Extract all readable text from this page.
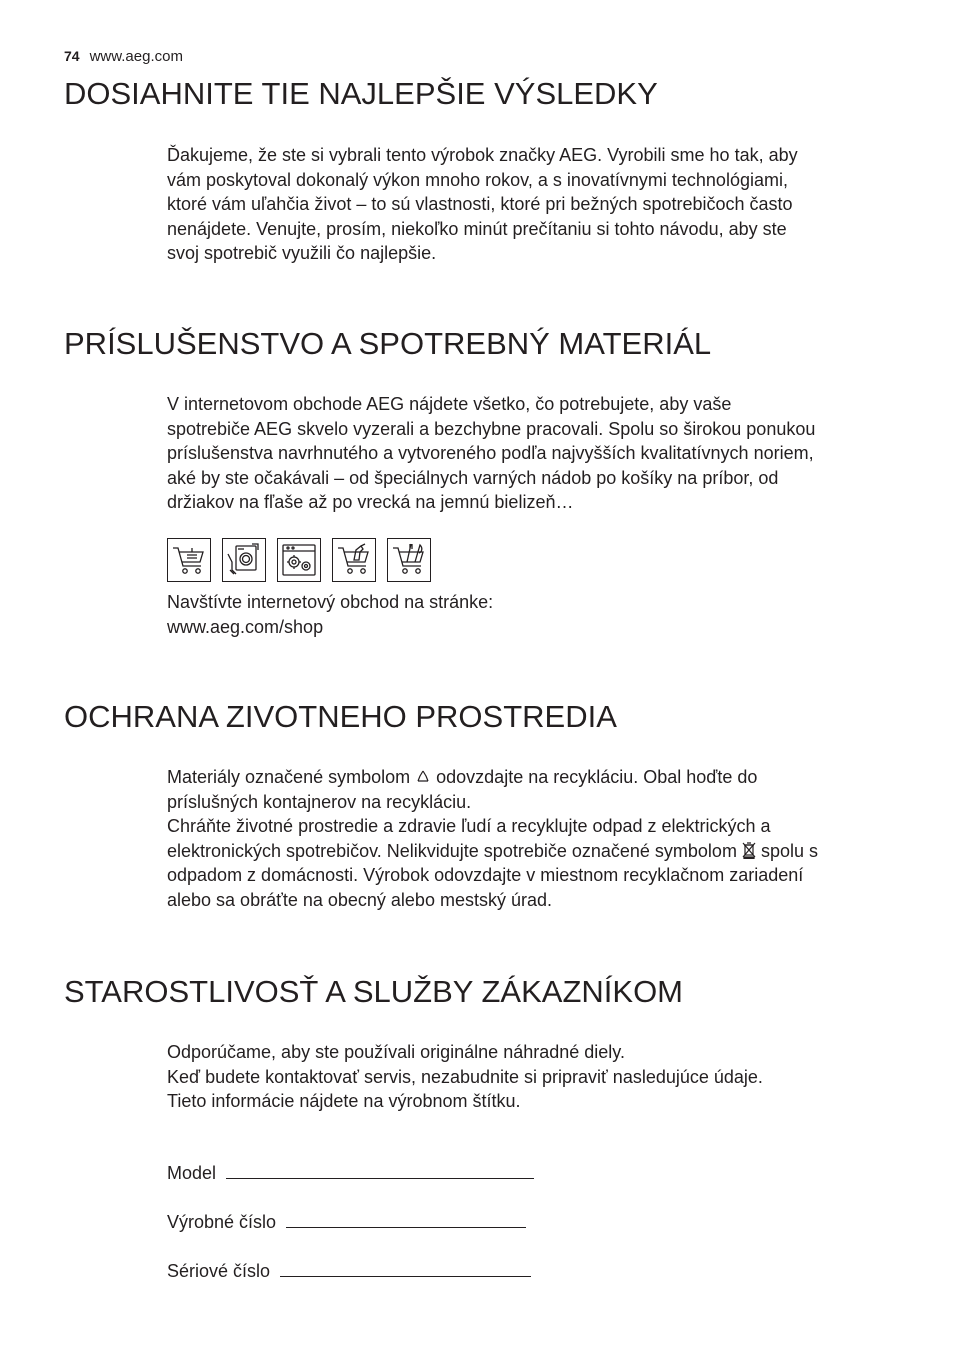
74 www.aeg.com
DOSIAHNITE TIE NAJLEPŠIE VÝSLEDKY

Ďakujeme, že ste si vybrali tento výrobok značky AEG. Vyrobili sme ho tak, aby

vám poskytoval dokonalý výkon mnoho rokov, a s inovatívnymi technológiami,

ktoré vám uľahčia život – to sú vlastnosti, ktoré pri bežných spotrebičoch často

nenájdete. Venujte, prosím, niekoľko minút prečítaniu si tohto návodu, aby ste

svoj spotrebič využili čo najlepšie.

PRÍSLUŠENSTVO A SPOTREBNÝ MATERIÁL

V internetovom obchode AEG nájdete všetko, čo potrebujete, aby vaše

spotrebiče AEG skvelo vyzerali a bezchybne pracovali. Spolu so širokou ponukou

príslušenstva navrhnutého a vytvoreného podľa najvyšších kvalitatívnych noriem,

aké by ste očakávali – od špeciálnych varných nádob po košíky na príbor, od

držiakov na fľaše až po vrecká na jemnú bielizeň…

Navštívte internetový obchod na stránke:

www.aeg.com/shop

OCHRANA ZIVOTNEHO PROSTREDIA

Materiály označené symbolom odovzdajte na recykláciu. Obal hoďte do

príslušných kontajnerov na recykláciu.

Chráňte životné prostredie a zdravie ľudí a recyklujte odpad z elektrických a

elektronických spotrebičov. Nelikvidujte spotrebiče označené symbolom spolu s

odpadom z domácnosti. Výrobok odovzdajte v miestnom recyklačnom zariadení

alebo sa obráťte na obecný alebo mestský úrad.

STAROSTLIVOSŤ A SLUŽBY ZÁKAZNÍKOM

Odporúčame, aby ste používali originálne náhradné diely.

Keď budete kontaktovať servis, nezabudnite si pripraviť nasledujúce údaje.

Tieto informácie nájdete na výrobnom štítku.

Model
Výrobné číslo
Sériové číslo
